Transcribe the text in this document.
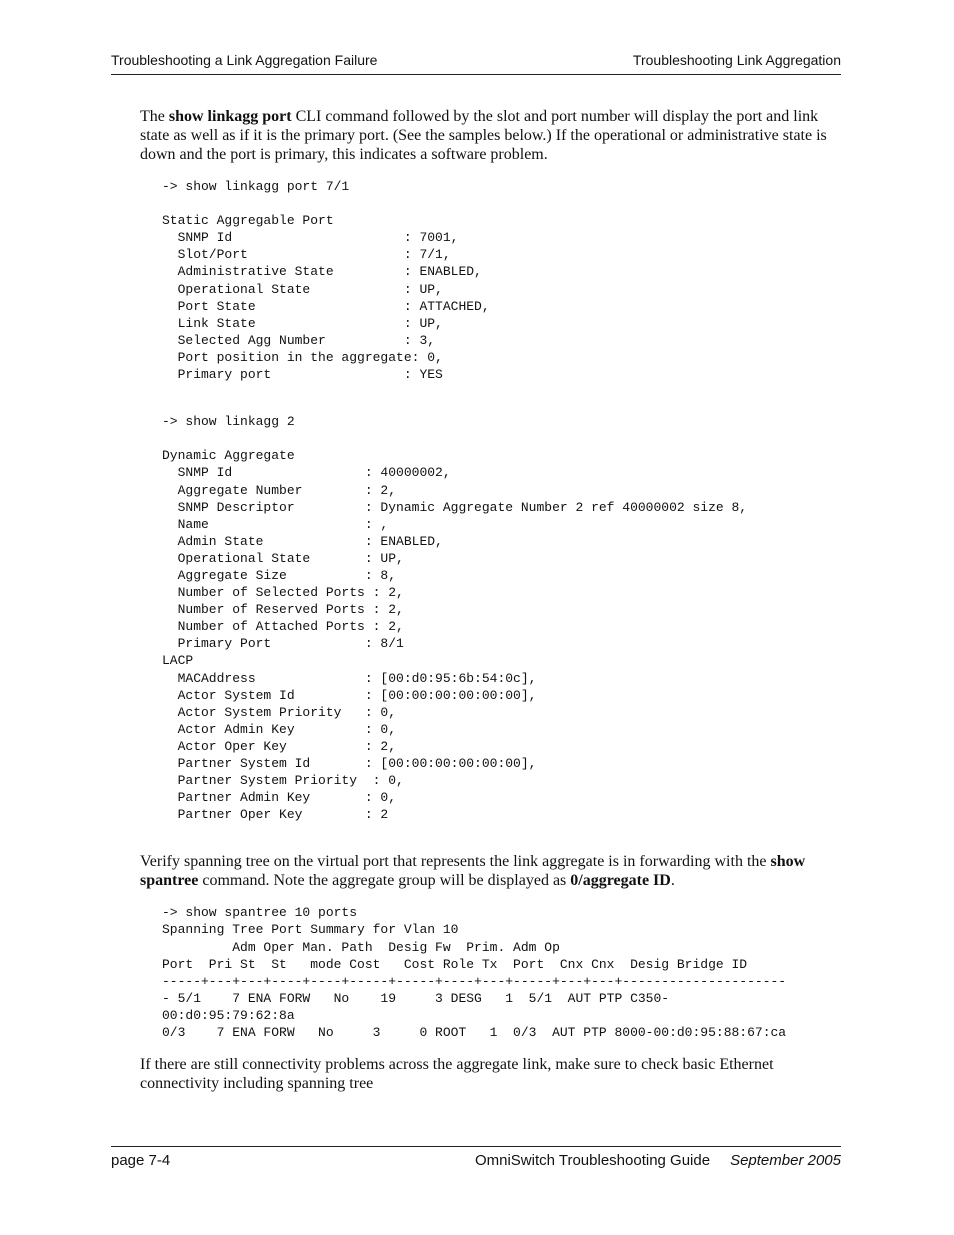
Troubleshooting a Link Aggregation Failure	Troubleshooting Link Aggregation

The show linkagg port CLI command followed by the slot and port number will display the port and link state as well as if it is the primary port. (See the samples below.) If the operational or administrative state is down and the port is primary, this indicates a software problem.

-> show linkagg port 7/1

Static Aggregable Port
SNMP Id                      : 7001,
Slot/Port                    : 7/1,
Administrative State         : ENABLED,
Operational State            : UP,
Port State                   : ATTACHED,
Link State                   : UP,
Selected Agg Number          : 3,
Port position in the aggregate: 0,
Primary port                 : YES
-> show linkagg 2

Dynamic Aggregate
SNMP Id                 : 40000002,
Aggregate Number        : 2,
SNMP Descriptor         : Dynamic Aggregate Number 2 ref 40000002 size 8,
Name                    : ,
Admin State             : ENABLED,
Operational State       : UP,
Aggregate Size          : 8,
Number of Selected Ports : 2,
Number of Reserved Ports : 2,
Number of Attached Ports : 2,
Primary Port            : 8/1
LACP
MACAddress              : [00:d0:95:6b:54:0c],
Actor System Id         : [00:00:00:00:00:00],
Actor System Priority   : 0,
Actor Admin Key         : 0,
Actor Oper Key          : 2,
Partner System Id       : [00:00:00:00:00:00],
Partner System Priority  : 0,
Partner Admin Key       : 0,
Partner Oper Key        : 2

Verify spanning tree on the virtual port that represents the link aggregate is in forwarding with the show spantree command. Note the aggregate group will be displayed as 0/aggregate ID.

-> show spantree 10 ports
Spanning Tree Port Summary for Vlan 10
Adm Oper Man. Path  Desig Fw  Prim. Adm Op
Port  Pri St  St   mode Cost   Cost Role Tx  Port  Cnx Cnx  Desig Bridge ID
-----+---+---+----+----+-----+-----+----+---+-----+---+---+---------------------
- 5/1    7 ENA FORW   No    19     3 DESG   1  5/1  AUT PTP C350-
00:d0:95:79:62:8a
0/3    7 ENA FORW   No     3     0 ROOT   1  0/3  AUT PTP 8000-00:d0:95:88:67:ca

If there are still connectivity problems across the aggregate link, make sure to check basic Ethernet connectivity including spanning tree

page 7-4	OmniSwitch Troubleshooting Guide September 2005
